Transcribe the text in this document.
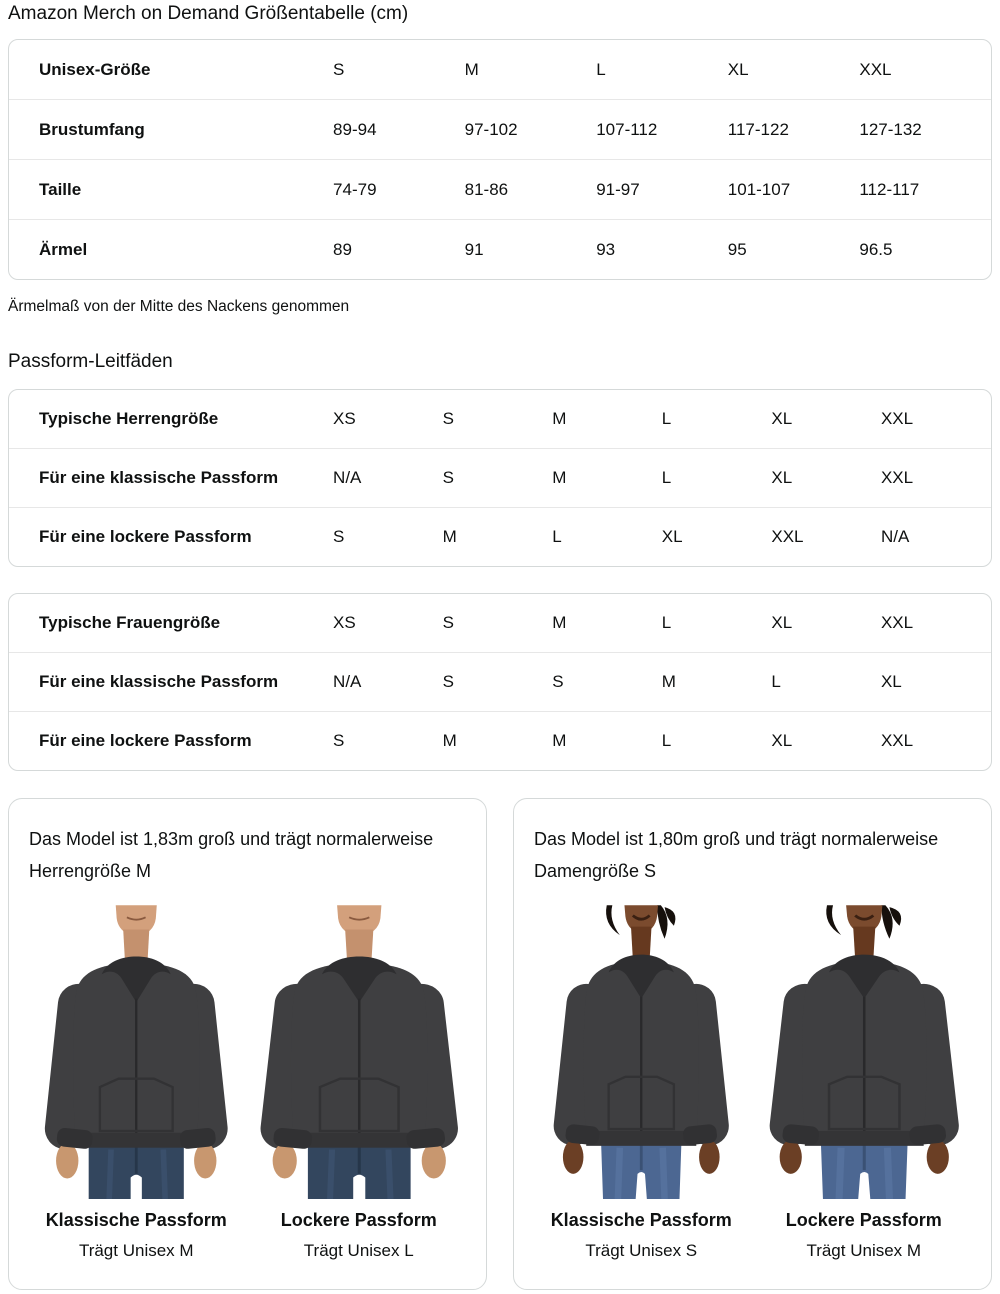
Amazon Merch on Demand Größentabelle (cm)
Unisex-Größe	S	M	L	XL	XXL
Brustumfang	89-94	97-102	107-112	117-122	127-132
Taille	74-79	81-86	91-97	101-107	112-117
Ärmel	89	91	93	95	96.5

Ärmelmaß von der Mitte des Nackens genommen

Passform-Leitfäden
Typische Herrengröße	XS	S	M	L	XL	XXL
Für eine klassische Passform	N/A	S	M	L	XL	XXL
Für eine lockere Passform	S	M	L	XL	XXL	N/A
Typische Frauengröße	XS	S	M	L	XL	XXL
Für eine klassische Passform	N/A	S	S	M	L	XL
Für eine lockere Passform	S	M	M	L	XL	XXL
Das Model ist 1,83m groß und trägt normalerweise Herrengröße M
Klassische Passform
Trägt Unisex M
Lockere Passform
Trägt Unisex L
Das Model ist 1,80m groß und trägt normalerweise Damengröße S
Klassische Passform
Trägt Unisex S
Lockere Passform
Trägt Unisex M
